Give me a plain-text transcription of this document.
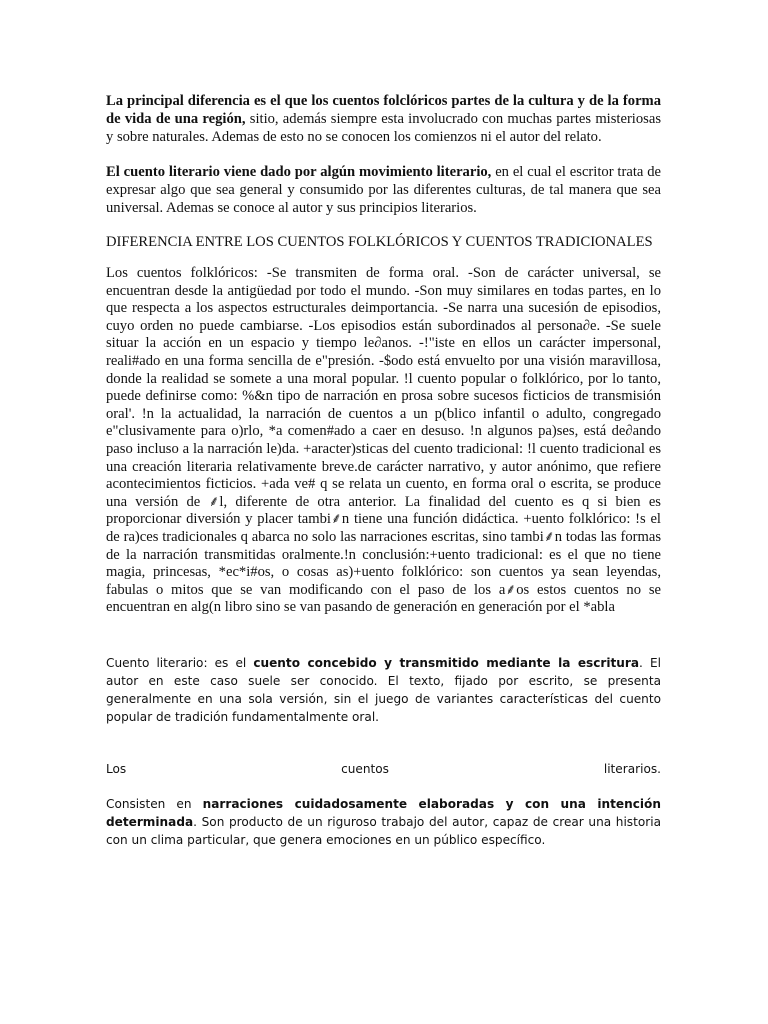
La principal diferencia es el que los cuentos folclóricos partes de la cultura y de la forma de vida de una región, sitio, además siempre esta involucrado con muchas partes misteriosas y sobre naturales. Ademas de esto no se conocen los comienzos ni el autor del relato.

El cuento literario viene dado por algún movimiento literario, en el cual el escritor trata de expresar algo que sea general y consumido por las diferentes culturas, de tal manera que sea universal. Ademas se conoce al autor y sus principios literarios.

DIFERENCIA ENTRE LOS CUENTOS FOLKLÓRICOS Y CUENTOS TRADICIONALES

Los cuentos folklóricos: -Se transmiten de forma oral. -Son de carácter universal, se encuentran desde la antigüedad por todo el mundo. -Son muy similares en todas partes, en lo que respecta a los aspectos estructurales deimportancia. -Se narra una sucesión de episodios, cuyo orden no puede cambiarse. -Los episodios están subordinados al persona∂e. -Se suele situar la acción en un espacio y tiempo le∂anos. -!"iste en ellos un carácter impersonal, reali#ado en una forma sencilla de e"presión. -$odo está envuelto por una visión maravillosa, donde la realidad se somete a una moral popular. !l cuento popular o folklórico, por lo tanto, puede definirse como: %&n tipo de narración en prosa sobre sucesos ficticios de transmisión oral'. !n la actualidad, la narración de cuentos a un p(blico infantil o adulto, congregado e"clusivamente para o)rlo, *a comen#ado a caer en desuso. !n algunos pa)ses, está de∂ando paso incluso a la narración le)da. +aracter)sticas del cuento tradicional: !l cuento tradicional es una creación literaria relativamente breve.de carácter narrativo, y autor anónimo, que refiere acontecimientos ficticios. +ada ve# q se relata un cuento, en forma oral o escrita, se produce una versión de ⸙l, diferente de otra anterior. La finalidad del cuento es q si bien es proporcionar diversión y placer tambi⸙n tiene una función didáctica. +uento folklórico: !s el de ra)ces tradicionales q abarca no solo las narraciones escritas, sino tambi⸙n todas las formas de la narración transmitidas oralmente.!n conclusión:+uento tradicional: es el que no tiene magia, princesas, *ec*i#os, o cosas as)+uento folklórico: son cuentos ya sean leyendas, fabulas o mitos que se van modificando con el paso de los a⸙os estos cuentos no se encuentran en alg(n libro sino se van pasando de generación en generación por el *abla

Cuento literario: es el cuento concebido y transmitido mediante la escritura. El autor en este caso suele ser conocido. El texto, fijado por escrito, se presenta generalmente en una sola versión, sin el juego de variantes características del cuento popular de tradición fundamentalmente oral.

Los	cuentos	literarios.

Consisten en narraciones cuidadosamente elaboradas y con una intención determinada. Son producto de un riguroso trabajo del autor, capaz de crear una historia con un clima particular, que genera emociones en un público específico.
